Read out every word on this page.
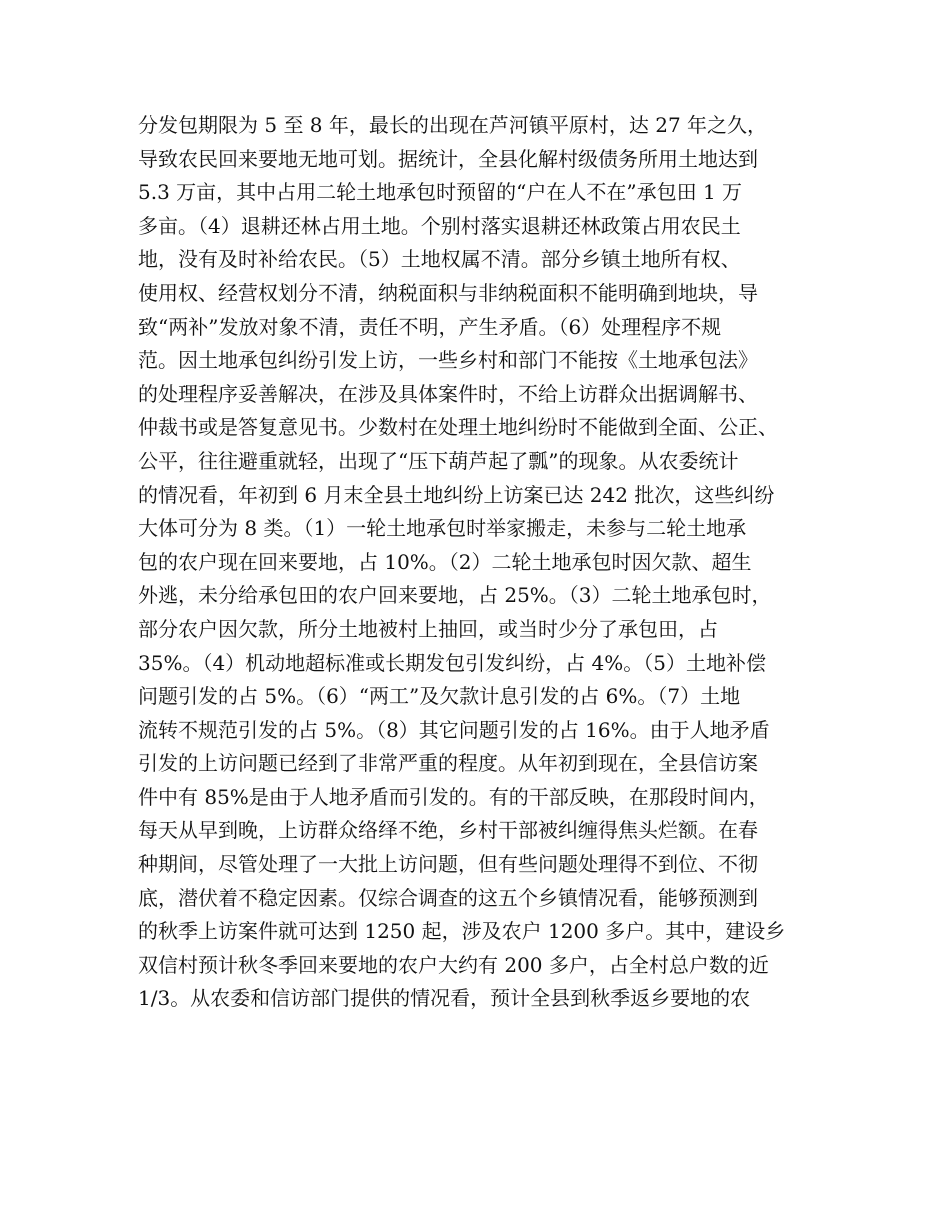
分发包期限为 5 至 8 年，最长的出现在芦河镇平原村，达 27 年之久，
导致农民回来要地无地可划。据统计，全县化解村级债务所用土地达到
5.3 万亩，其中占用二轮土地承包时预留的“户在人不在”承包田 1 万
多亩。（4）退耕还林占用土地。个别村落实退耕还林政策占用农民土
地，没有及时补给农民。（5）土地权属不清。部分乡镇土地所有权、
使用权、经营权划分不清，纳税面积与非纳税面积不能明确到地块，导
致“两补”发放对象不清，责任不明，产生矛盾。（6）处理程序不规
范。因土地承包纠纷引发上访，一些乡村和部门不能按《土地承包法》
的处理程序妥善解决，在涉及具体案件时，不给上访群众出据调解书、
仲裁书或是答复意见书。少数村在处理土地纠纷时不能做到全面、公正、
公平，往往避重就轻，出现了“压下葫芦起了瓢”的现象。从农委统计
的情况看，年初到 6 月末全县土地纠纷上访案已达 242 批次，这些纠纷
大体可分为 8 类。（1）一轮土地承包时举家搬走，未参与二轮土地承
包的农户现在回来要地，占 10%。（2）二轮土地承包时因欠款、超生
外逃，未分给承包田的农户回来要地，占 25%。（3）二轮土地承包时，
部分农户因欠款，所分土地被村上抽回，或当时少分了承包田，占
35%。（4）机动地超标准或长期发包引发纠纷，占 4%。（5）土地补偿
问题引发的占 5%。（6）“两工”及欠款计息引发的占 6%。（7）土地
流转不规范引发的占 5%。（8）其它问题引发的占 16%。由于人地矛盾
引发的上访问题已经到了非常严重的程度。从年初到现在，全县信访案
件中有 85%是由于人地矛盾而引发的。有的干部反映，在那段时间内，
每天从早到晚，上访群众络绎不绝，乡村干部被纠缠得焦头烂额。在春
种期间，尽管处理了一大批上访问题，但有些问题处理得不到位、不彻
底，潜伏着不稳定因素。仅综合调查的这五个乡镇情况看，能够预测到
的秋季上访案件就可达到 1250 起，涉及农户 1200 多户。其中，建设乡
双信村预计秋冬季回来要地的农户大约有 200 多户，占全村总户数的近
1/3。从农委和信访部门提供的情况看，预计全县到秋季返乡要地的农
